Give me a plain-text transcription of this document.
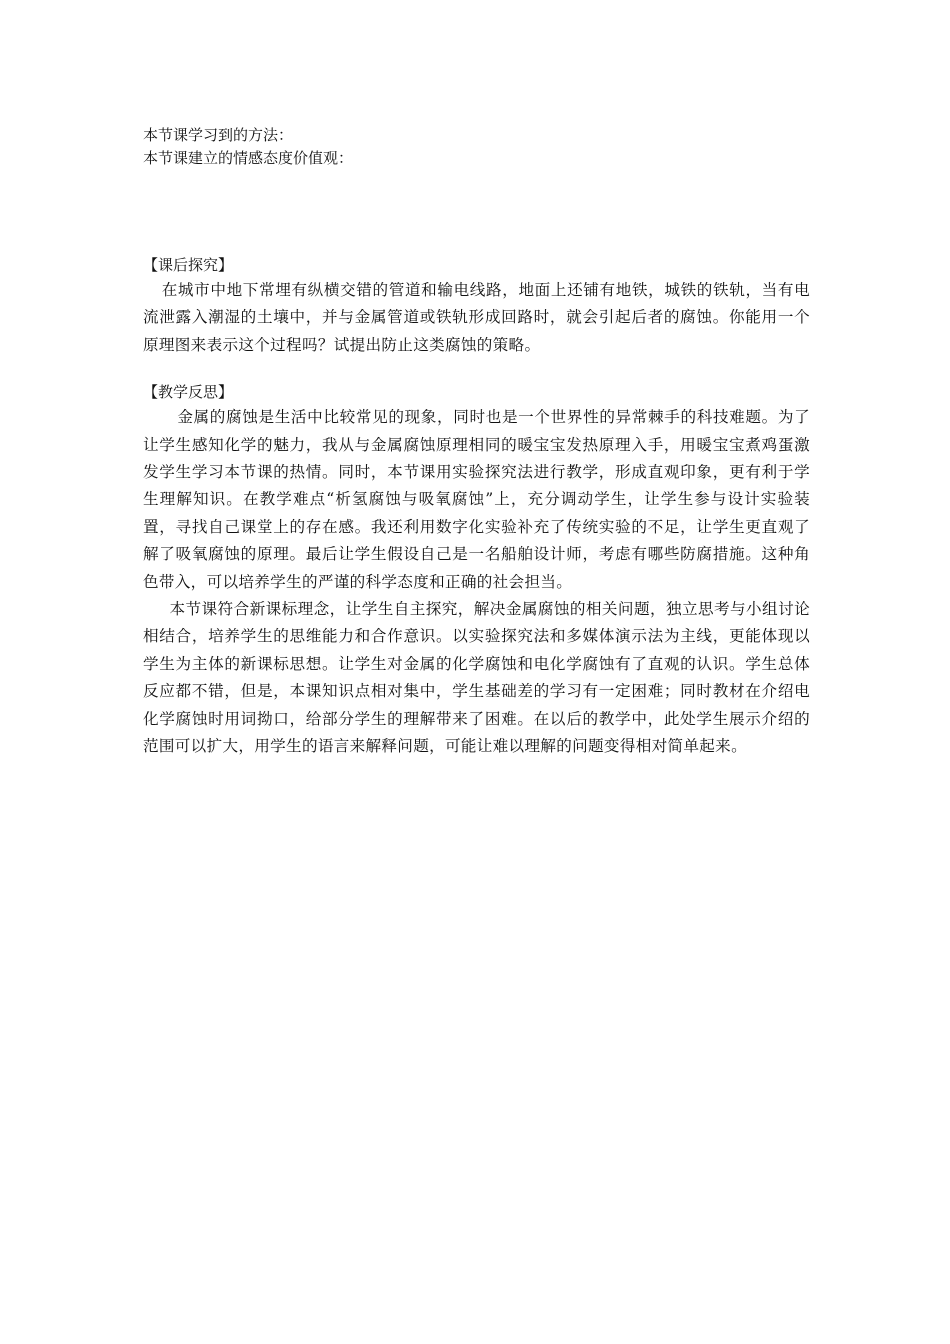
本节课学习到的方法：

本节课建立的情感态度价值观：

【课后探究】

在城市中地下常埋有纵横交错的管道和输电线路，地面上还铺有地铁，城铁的铁轨，当有电流泄露入潮湿的土壤中，并与金属管道或铁轨形成回路时，就会引起后者的腐蚀。你能用一个原理图来表示这个过程吗？试提出防止这类腐蚀的策略。

【教学反思】

金属的腐蚀是生活中比较常见的现象，同时也是一个世界性的异常棘手的科技难题。为了让学生感知化学的魅力，我从与金属腐蚀原理相同的暖宝宝发热原理入手，用暖宝宝煮鸡蛋激发学生学习本节课的热情。同时，本节课用实验探究法进行教学，形成直观印象，更有利于学生理解知识。在教学难点“析氢腐蚀与吸氧腐蚀”上，充分调动学生，让学生参与设计实验装置，寻找自己课堂上的存在感。我还利用数字化实验补充了传统实验的不足，让学生更直观了解了吸氧腐蚀的原理。最后让学生假设自己是一名船舶设计师，考虑有哪些防腐措施。这种角色带入，可以培养学生的严谨的科学态度和正确的社会担当。

本节课符合新课标理念，让学生自主探究，解决金属腐蚀的相关问题，独立思考与小组讨论相结合，培养学生的思维能力和合作意识。以实验探究法和多媒体演示法为主线，更能体现以学生为主体的新课标思想。让学生对金属的化学腐蚀和电化学腐蚀有了直观的认识。学生总体反应都不错，但是，本课知识点相对集中，学生基础差的学习有一定困难；同时教材在介绍电化学腐蚀时用词拗口，给部分学生的理解带来了困难。在以后的教学中，此处学生展示介绍的范围可以扩大，用学生的语言来解释问题，可能让难以理解的问题变得相对简单起来。
